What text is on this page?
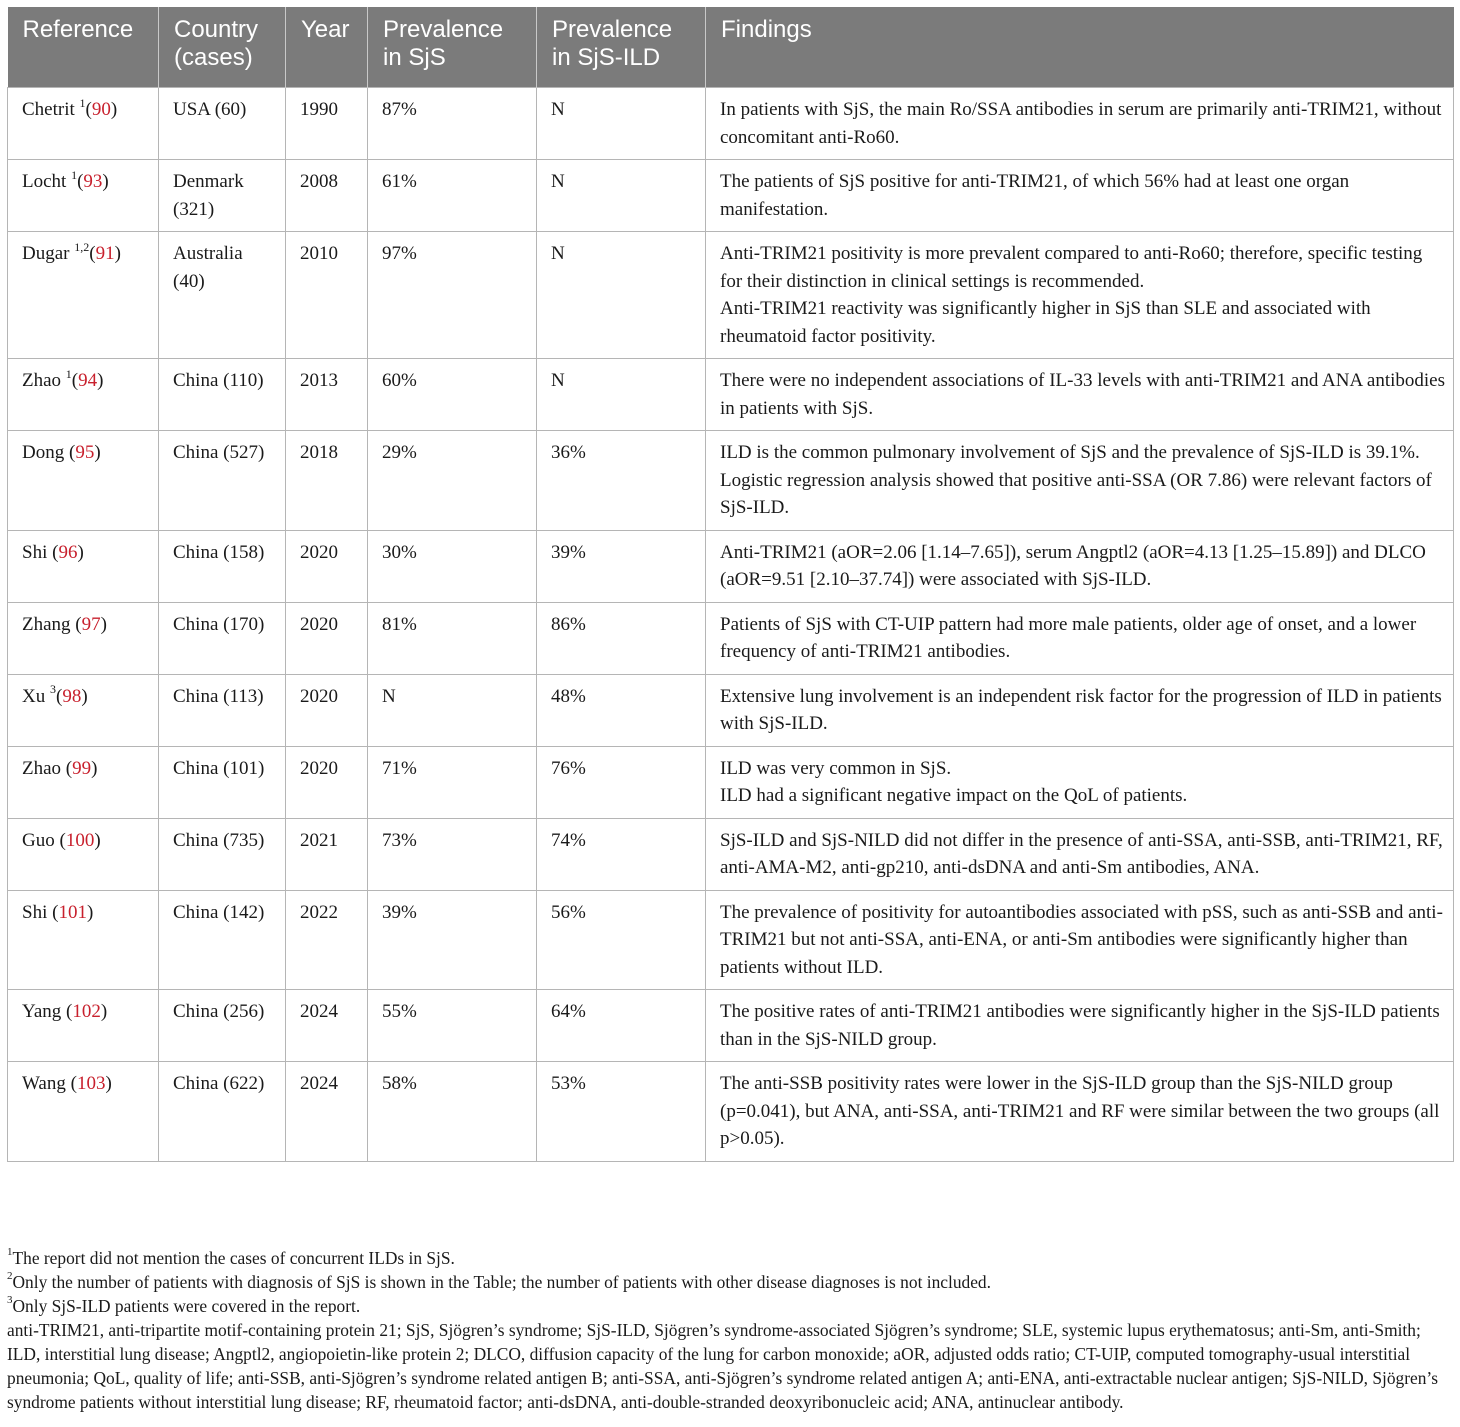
Reference	Country (cases)	Year	Prevalence in SjS	Prevalence in SjS-ILD	Findings
Chetrit $^1$(90)	USA (60)	1990	87%	N	In patients with SjS, the main Ro/SSA antibodies in serum are primarily anti-TRIM21, without concomitant anti-Ro60.

Locht $^1$(93)	Denmark (321)	2008	61%	N	The patients of SjS positive for anti-TRIM21, of which 56% had at least one organ manifestation.

Dugar $^{1,2}$(91)	Australia (40)	2010	97%	N	Anti-TRIM21 positivity is more prevalent compared to anti-Ro60; therefore, specific testing for their distinction in clinical settings is recommended.
Anti-TRIM21 reactivity was significantly higher in SjS than SLE and associated with rheumatoid factor positivity.

Zhao $^1$(94)	China (110)	2013	60%	N	There were no independent associations of IL-33 levels with anti-TRIM21 and ANA antibodies in patients with SjS.

Dong (95)	China (527)	2018	29%	36%	ILD is the common pulmonary involvement of SjS and the prevalence of SjS-ILD is 39.1%.
Logistic regression analysis showed that positive anti-SSA (OR 7.86) were relevant factors of SjS-ILD.

Shi (96)	China (158)	2020	30%	39%	Anti-TRIM21 (aOR=2.06 [1.14–7.65]), serum Angptl2 (aOR=4.13 [1.25–15.89]) and DLCO (aOR=9.51 [2.10–37.74]) were associated with SjS-ILD.

Zhang (97)	China (170)	2020	81%	86%	Patients of SjS with CT-UIP pattern had more male patients, older age of onset, and a lower frequency of anti-TRIM21 antibodies.

Xu $^3$(98)	China (113)	2020	N	48%	Extensive lung involvement is an independent risk factor for the progression of ILD in patients with SjS-ILD.

Zhao (99)	China (101)	2020	71%	76%	ILD was very common in SjS.
ILD had a significant negative impact on the QoL of patients.

Guo (100)	China (735)	2021	73%	74%	SjS-ILD and SjS-NILD did not differ in the presence of anti-SSA, anti-SSB, anti-TRIM21, RF, anti-AMA-M2, anti-gp210, anti-dsDNA and anti-Sm antibodies, ANA.

Shi (101)	China (142)	2022	39%	56%	The prevalence of positivity for autoantibodies associated with pSS, such as anti-SSB and anti-TRIM21 but not anti-SSA, anti-ENA, or anti-Sm antibodies were significantly higher than patients without ILD.

Yang (102)	China (256)	2024	55%	64%	The positive rates of anti-TRIM21 antibodies were significantly higher in the SjS-ILD patients than in the SjS-NILD group.

Wang (103)	China (622)	2024	58%	53%	The anti-SSB positivity rates were lower in the SjS-ILD group than the SjS-NILD group (p=0.041), but ANA, anti-SSA, anti-TRIM21 and RF were similar between the two groups (all p>0.05).

$^1$The report did not mention the cases of concurrent ILDs in SjS.

$^2$Only the number of patients with diagnosis of SjS is shown in the Table; the number of patients with other disease diagnoses is not included.

$^3$Only SjS-ILD patients were covered in the report.

anti-TRIM21, anti-tripartite motif-containing protein 21; SjS, Sjögren’s syndrome; SjS-ILD, Sjögren’s syndrome-associated Sjögren’s syndrome; SLE, systemic lupus erythematosus; anti-Sm, anti-Smith; ILD, interstitial lung disease; Angptl2, angiopoietin-like protein 2; DLCO, diffusion capacity of the lung for carbon monoxide; aOR, adjusted odds ratio; CT-UIP, computed tomography-usual interstitial pneumonia; QoL, quality of life; anti-SSB, anti-Sjögren’s syndrome related antigen B; anti-SSA, anti-Sjögren’s syndrome related antigen A; anti-ENA, anti-extractable nuclear antigen; SjS-NILD, Sjögren’s syndrome patients without interstitial lung disease; RF, rheumatoid factor; anti-dsDNA, anti-double-stranded deoxyribonucleic acid; ANA, antinuclear antibody.
